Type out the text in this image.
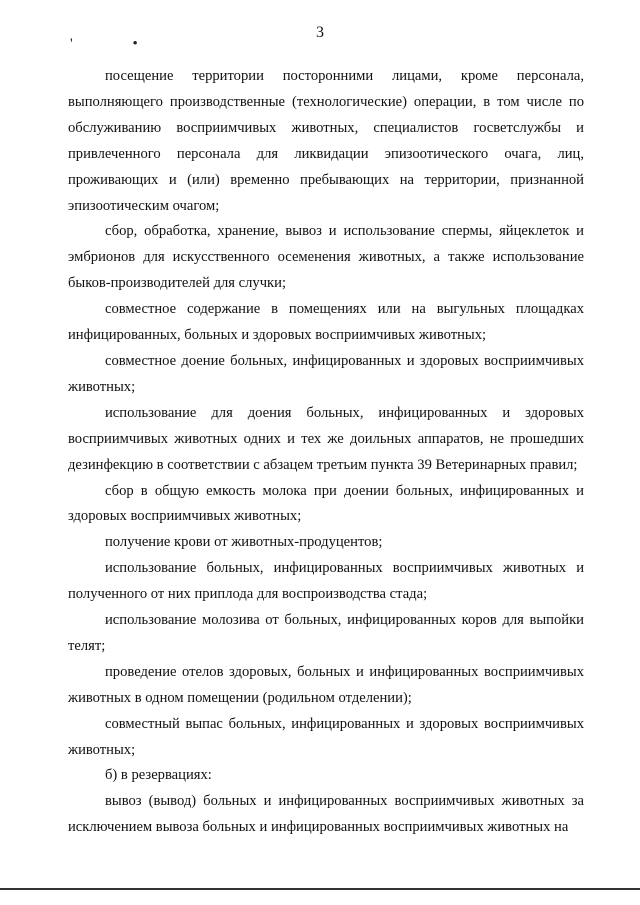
3
' •

посещение территории посторонними лицами, кроме персонала, выполняющего производственные (технологические) операции, в том числе по обслуживанию восприимчивых животных, специалистов госветслужбы и привлеченного персонала для ликвидации эпизоотического очага, лиц, проживающих и (или) временно пребывающих на территории, признанной эпизоотическим очагом;

сбор, обработка, хранение, вывоз и использование спермы, яйцеклеток и эмбрионов для искусственного осеменения животных, а также использование быков-производителей для случки;

совместное содержание в помещениях или на выгульных площадках инфицированных, больных и здоровых восприимчивых животных;

совместное доение больных, инфицированных и здоровых восприимчивых животных;

использование для доения больных, инфицированных и здоровых восприимчивых животных одних и тех же доильных аппаратов, не прошедших дезинфекцию в соответствии с абзацем третьим пункта 39 Ветеринарных правил;

сбор в общую емкость молока при доении больных, инфицированных и здоровых восприимчивых животных;

получение крови от животных-продуцентов;

использование больных, инфицированных восприимчивых животных и полученного от них приплода для воспроизводства стада;

использование молозива от больных, инфицированных коров для выпойки телят;

проведение отелов здоровых, больных и инфицированных восприимчивых животных в одном помещении (родильном отделении);

совместный выпас больных, инфицированных и здоровых восприимчивых животных;

б) в резервациях:

вывоз (вывод) больных и инфицированных восприимчивых животных за исключением вывоза больных и инфицированных восприимчивых животных на
